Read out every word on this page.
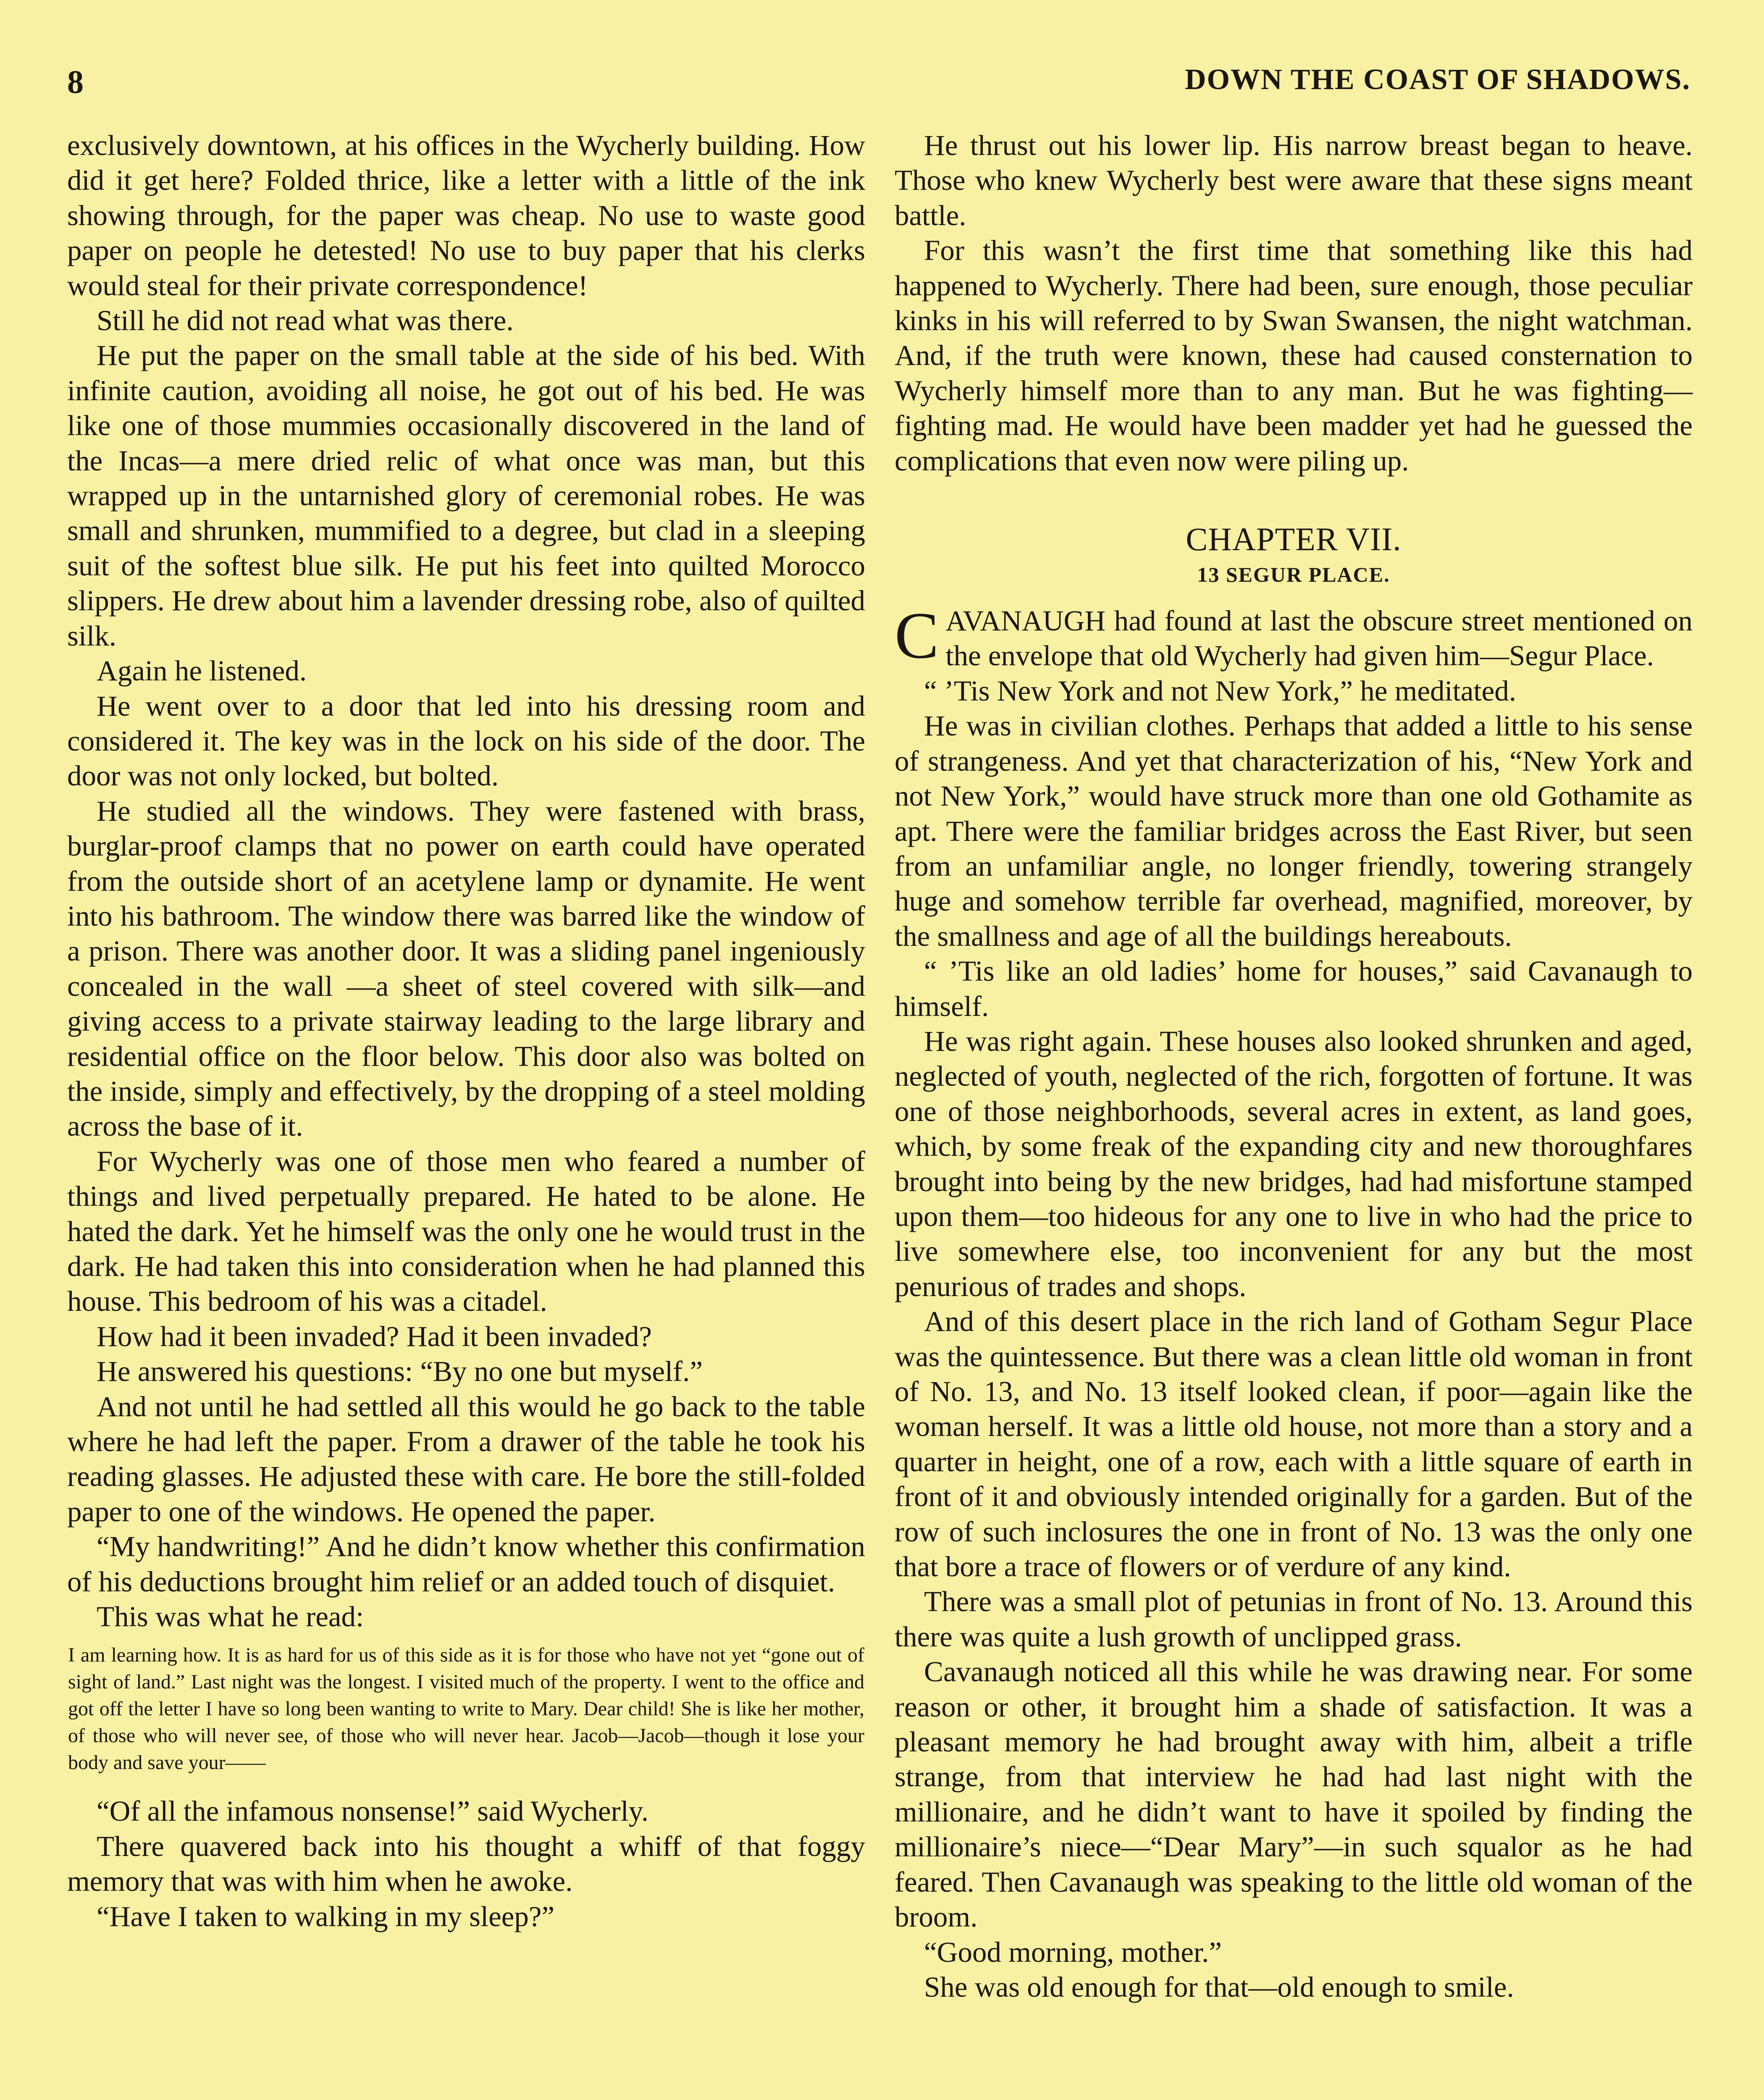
8	DOWN THE COAST OF SHADOWS.

exclusively downtown, at his offices in the Wycherly building. How did it get here? Folded thrice, like a letter with a little of the ink showing through, for the paper was cheap. No use to waste good paper on people he detested! No use to buy paper that his clerks would steal for their private correspondence!

Still he did not read what was there.

He put the paper on the small table at the side of his bed. With infinite caution, avoiding all noise, he got out of his bed. He was like one of those mummies occasionally discovered in the land of the Incas—a mere dried relic of what once was man, but this wrapped up in the untarnished glory of ceremonial robes. He was small and shrunken, mummified to a degree, but clad in a sleeping suit of the softest blue silk. He put his feet into quilted Morocco slippers. He drew about him a lavender dressing robe, also of quilted silk.

Again he listened.

He went over to a door that led into his dressing room and considered it. The key was in the lock on his side of the door. The door was not only locked, but bolted.

He studied all the windows. They were fastened with brass, burglar-proof clamps that no power on earth could have operated from the outside short of an acetylene lamp or dynamite. He went into his bathroom. The window there was barred like the window of a prison. There was another door. It was a sliding panel ingeniously concealed in the wall —a sheet of steel covered with silk—and giving access to a private stairway leading to the large library and residential office on the floor below. This door also was bolted on the inside, simply and effectively, by the dropping of a steel molding across the base of it.

For Wycherly was one of those men who feared a number of things and lived perpetually prepared. He hated to be alone. He hated the dark. Yet he himself was the only one he would trust in the dark. He had taken this into consideration when he had planned this house. This bedroom of his was a citadel.

How had it been invaded? Had it been invaded?

He answered his questions: “By no one but myself.”

And not until he had settled all this would he go back to the table where he had left the paper. From a drawer of the table he took his reading glasses. He adjusted these with care. He bore the still-folded paper to one of the windows. He opened the paper.

“My handwriting!” And he didn’t know whether this confirmation of his deductions brought him relief or an added touch of disquiet.

This was what he read:

I am learning how. It is as hard for us of this side as it is for those who have not yet “gone out of sight of land.” Last night was the longest. I visited much of the property. I went to the office and got off the letter I have so long been wanting to write to Mary. Dear child! She is like her mother, of those who will never see, of those who will never hear. Jacob—Jacob—though it lose your body and save your——

“Of all the infamous nonsense!” said Wycherly.

There quavered back into his thought a whiff of that foggy memory that was with him when he awoke.

“Have I taken to walking in my sleep?”

He thrust out his lower lip. His narrow breast began to heave. Those who knew Wycherly best were aware that these signs meant battle.

For this wasn’t the first time that something like this had happened to Wycherly. There had been, sure enough, those peculiar kinks in his will referred to by Swan Swansen, the night watchman. And, if the truth were known, these had caused consternation to Wycherly himself more than to any man. But he was fighting—fighting mad. He would have been madder yet had he guessed the complications that even now were piling up.

CHAPTER VII.
13 SEGUR PLACE.

CAVANAUGH had found at last the obscure street mentioned on the envelope that old Wycherly had given him—Segur Place.

“ ’Tis New York and not New York,” he meditated.

He was in civilian clothes. Perhaps that added a little to his sense of strangeness. And yet that characterization of his, “New York and not New York,” would have struck more than one old Gothamite as apt. There were the familiar bridges across the East River, but seen from an unfamiliar angle, no longer friendly, towering strangely huge and somehow terrible far overhead, magnified, moreover, by the smallness and age of all the buildings hereabouts.

“ ’Tis like an old ladies’ home for houses,” said Cavanaugh to himself.

He was right again. These houses also looked shrunken and aged, neglected of youth, neglected of the rich, forgotten of fortune. It was one of those neighborhoods, several acres in extent, as land goes, which, by some freak of the expanding city and new thoroughfares brought into being by the new bridges, had had misfortune stamped upon them—too hideous for any one to live in who had the price to live somewhere else, too inconvenient for any but the most penurious of trades and shops.

And of this desert place in the rich land of Gotham Segur Place was the quintessence. But there was a clean little old woman in front of No. 13, and No. 13 itself looked clean, if poor—again like the woman herself. It was a little old house, not more than a story and a quarter in height, one of a row, each with a little square of earth in front of it and obviously intended originally for a garden. But of the row of such inclosures the one in front of No. 13 was the only one that bore a trace of flowers or of verdure of any kind.

There was a small plot of petunias in front of No. 13. Around this there was quite a lush growth of unclipped grass.

Cavanaugh noticed all this while he was drawing near. For some reason or other, it brought him a shade of satisfaction. It was a pleasant memory he had brought away with him, albeit a trifle strange, from that interview he had had last night with the millionaire, and he didn’t want to have it spoiled by finding the millionaire’s niece—“Dear Mary”—in such squalor as he had feared. Then Cavanaugh was speaking to the little old woman of the broom.

“Good morning, mother.”

She was old enough for that—old enough to smile.
